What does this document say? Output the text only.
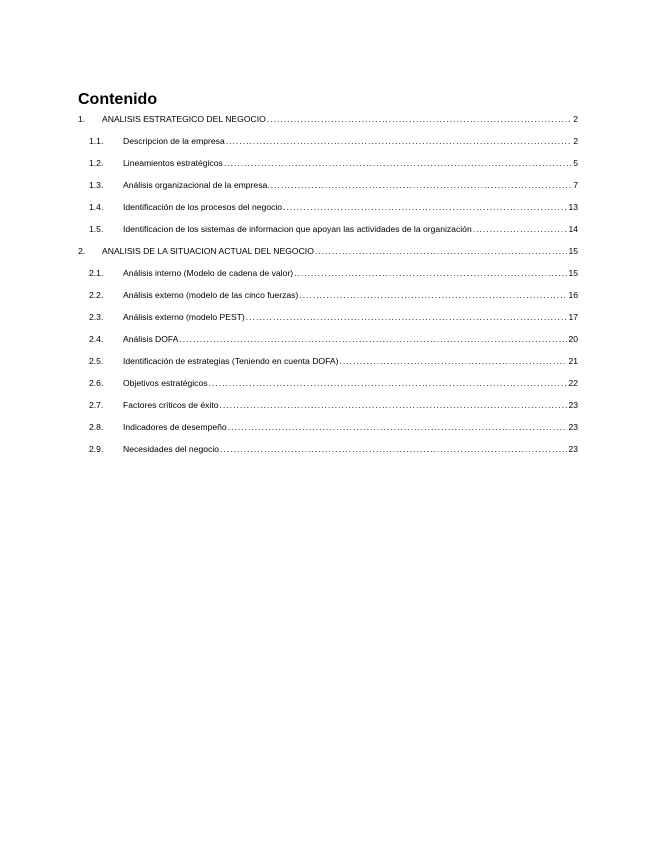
Contenido
1.	ANALISIS ESTRATEGICO DEL NEGOCIO .....	2
1.1.	Descripcion de la empresa .....	2
1.2.	Lineamientos estratégicos .....	5
1.3.	Análisis organizacional de la empresa. .....	7
1.4.	Identificación de los procesos del negocio .....	13
1.5.	Identificacion de los sistemas de informacion que apoyan las actividades de la organización .....	14
2.	ANALISIS DE LA SITUACION ACTUAL DEL NEGOCIO .....	15
2.1.	Análisis interno (Modelo de cadena de valor) .....	15
2.2.	Análisis externo (modelo de las cinco fuerzas) .....	16
2.3.	Análisis externo (modelo PEST) .....	17
2.4.	Análisis DOFA .....	20
2.5.	Identificación de estrategias (Teniendo en cuenta DOFA) .....	21
2.6.	Objetivos estratégicos .....	22
2.7.	Factores críticos de éxito .....	23
2.8.	Indicadores de desempeño .....	23
2.9.	Necesidades del negocio .....	23
